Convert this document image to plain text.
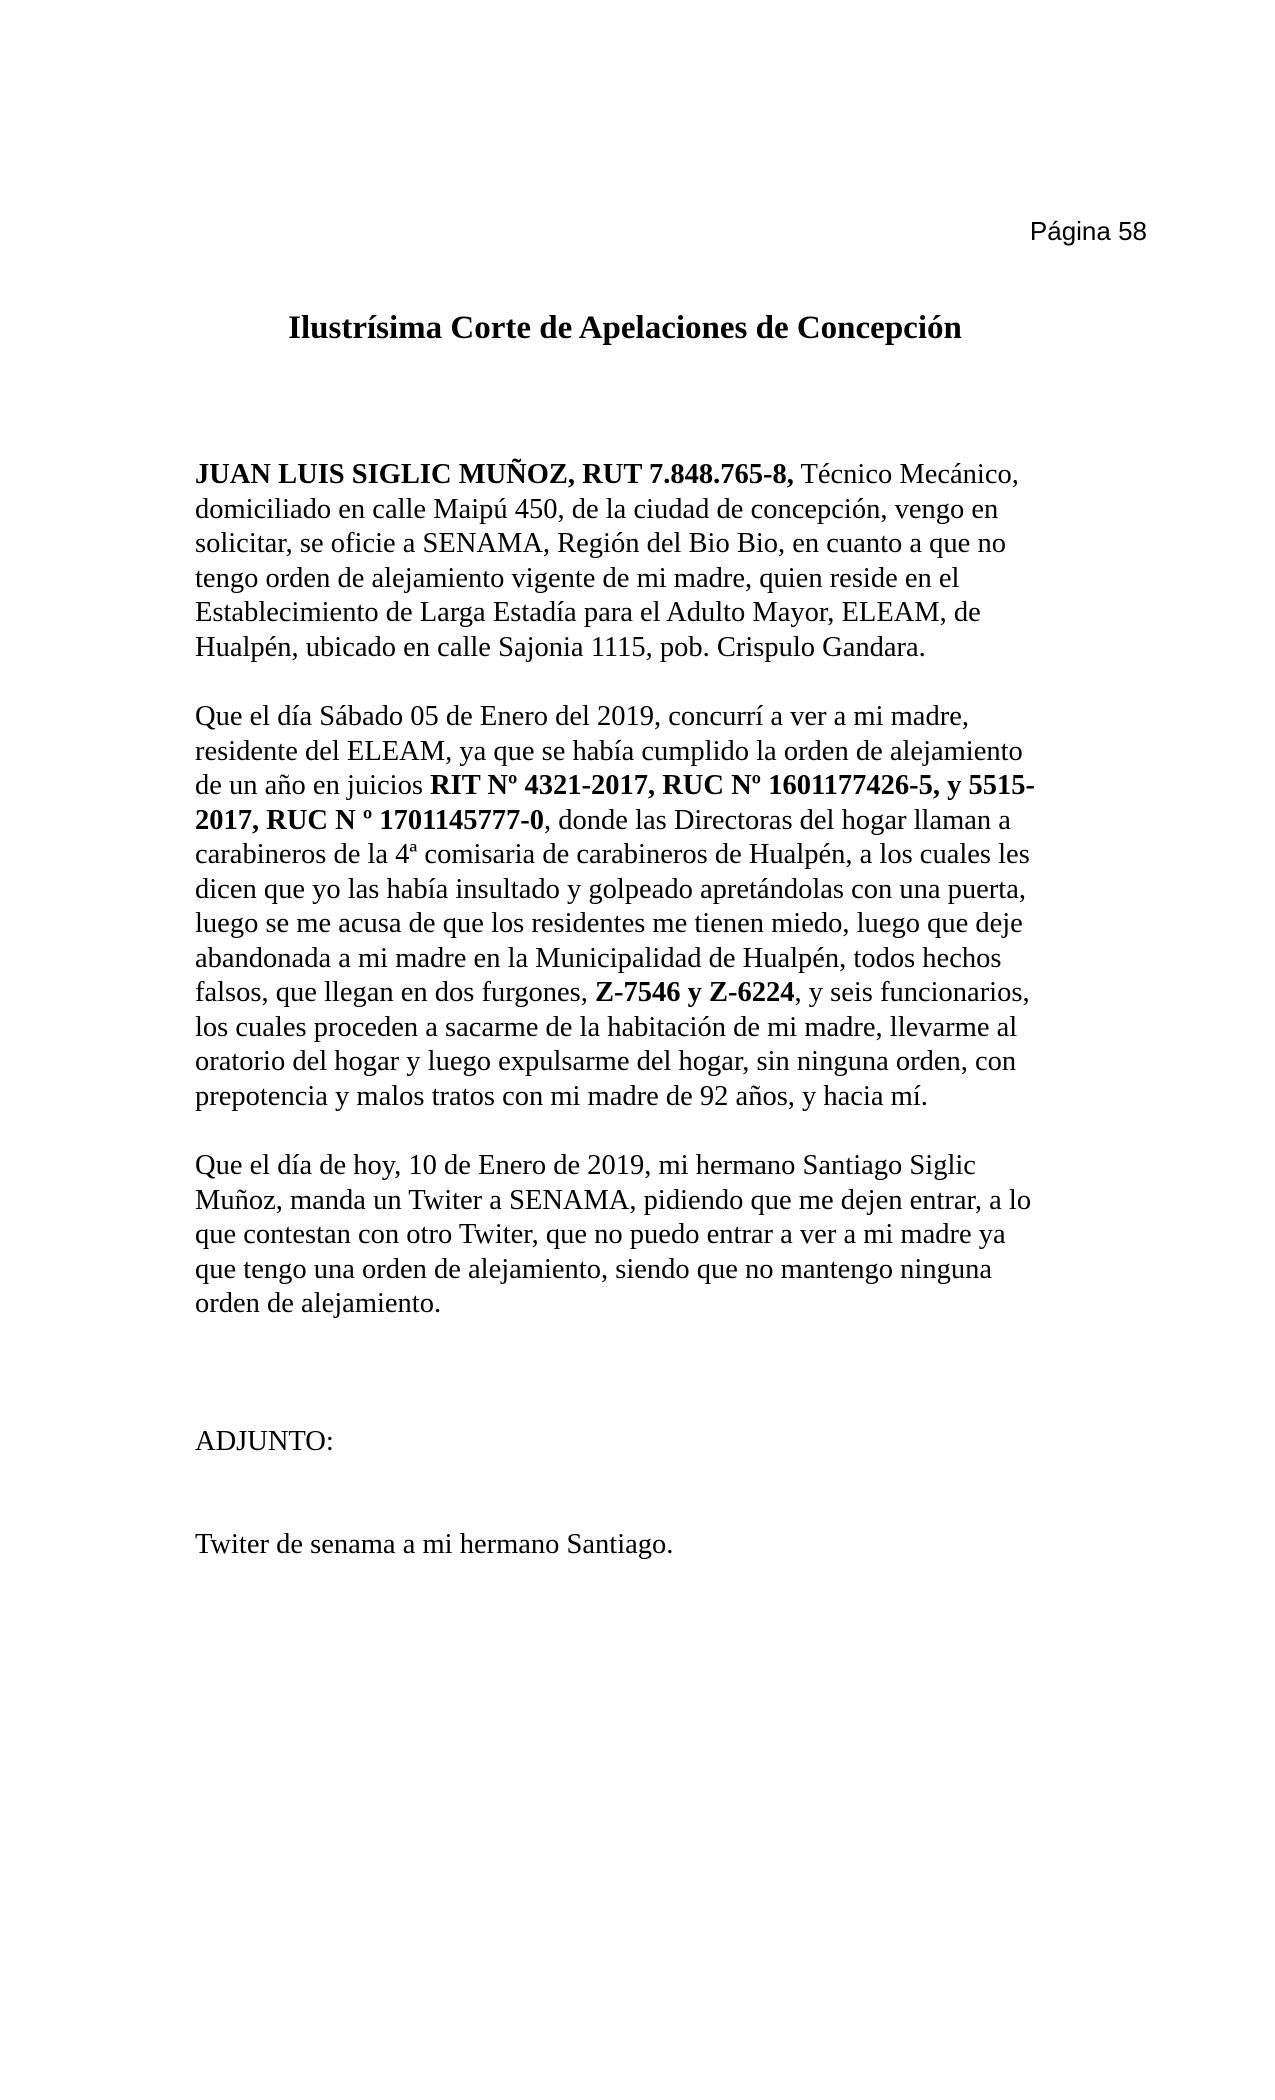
Página 58
Ilustrísima Corte de Apelaciones de Concepción
JUAN LUIS SIGLIC MUÑOZ, RUT 7.848.765-8, Técnico Mecánico,
domiciliado en calle Maipú 450, de la ciudad de concepción, vengo en
solicitar, se oficie a SENAMA, Región del Bio Bio, en cuanto a que no
tengo orden de alejamiento vigente de mi madre, quien reside en el
Establecimiento de Larga Estadía para el Adulto Mayor, ELEAM, de
Hualpén, ubicado en calle Sajonia 1115, pob. Crispulo Gandara.
Que el día Sábado 05 de Enero del 2019, concurrí a ver a mi madre,
residente del ELEAM, ya que se había cumplido la orden de alejamiento
de un año en juicios RIT Nº 4321-2017, RUC Nº 1601177426-5, y 5515-
2017, RUC N º 1701145777-0, donde las Directoras del hogar llaman a
carabineros de la 4ª comisaria de carabineros de Hualpén, a los cuales les
dicen que yo las había insultado y golpeado apretándolas con una puerta,
luego se me acusa de que los residentes me tienen miedo, luego que deje
abandonada a mi madre en la Municipalidad de Hualpén, todos hechos
falsos, que llegan en dos furgones, Z-7546 y Z-6224, y seis funcionarios,
los cuales proceden a sacarme de la habitación de mi madre, llevarme al
oratorio del hogar y luego expulsarme del hogar, sin ninguna orden, con
prepotencia y malos tratos con mi madre de 92 años, y hacia mí.
Que el día de hoy, 10 de Enero de 2019, mi hermano Santiago Siglic
Muñoz, manda un Twiter a SENAMA, pidiendo que me dejen entrar, a lo
que contestan con otro Twiter, que no puedo entrar a ver a mi madre ya
que tengo una orden de alejamiento, siendo que no mantengo ninguna
orden de alejamiento.
ADJUNTO:
Twiter de senama a mi hermano Santiago.
